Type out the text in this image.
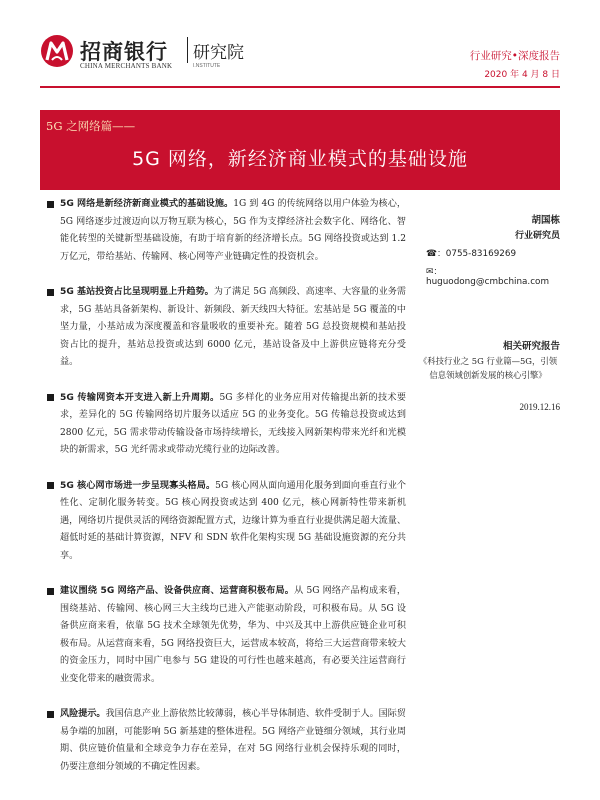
招商银行 研究院
CHINA MERCHANTS BANK	I.NSTITUTE
行业研究•深度报告
2020 年 4 月 8 日
5G 之网络篇——
5G 网络，新经济商业模式的基础设施
5G 网络是新经济新商业模式的基础设施。1G 到 4G 的传统网络以用户体验为核心，5G 网络逐步过渡迈向以万物互联为核心，5G 作为支撑经济社会数字化、网络化、智能化转型的关键新型基础设施，有助于培育新的经济增长点。5G 网络投资或达到 1.2 万亿元，带给基站、传输网、核心网等产业链确定性的投资机会。
5G 基站投资占比呈现明显上升趋势。为了满足 5G 高频段、高速率、大容量的业务需求，5G 基站具备新架构、新设计、新频段、新天线四大特征。宏基站是 5G 覆盖的中坚力量，小基站成为深度覆盖和容量吸收的重要补充。随着 5G 总投资规模和基站投资占比的提升，基站总投资或达到 6000 亿元，基站设备及中上游供应链将充分受益。
5G 传输网资本开支进入新上升周期。5G 多样化的业务应用对传输提出新的技术要求，差异化的 5G 传输网络切片服务以适应 5G 的业务变化。5G 传输总投资或达到 2800 亿元，5G 需求带动传输设备市场持续增长，无线接入网新架构带来光纤和光模块的新需求，5G 光纤需求或带动光缆行业的边际改善。
5G 核心网市场进一步呈现寡头格局。5G 核心网从面向通用化服务到面向垂直行业个性化、定制化服务转变。5G 核心网投资或达到 400 亿元，核心网新特性带来新机遇，网络切片提供灵活的网络资源配置方式，边缘计算为垂直行业提供满足超大流量、超低时延的基础计算资源，NFV 和 SDN 软件化架构实现 5G 基础设施资源的充分共享。
建议围绕 5G 网络产品、设备供应商、运营商积极布局。从 5G 网络产品构成来看，围绕基站、传输网、核心网三大主线均已进入产能驱动阶段，可积极布局。从 5G 设备供应商来看，依靠 5G 技术全球领先优势，华为、中兴及其中上游供应链企业可积极布局。从运营商来看，5G 网络投资巨大，运营成本较高，将给三大运营商带来较大的资金压力，同时中国广电参与 5G 建设的可行性也越来越高，有必要关注运营商行业变化带来的融资需求。
风险提示。我国信息产业上游依然比较薄弱，核心半导体制造、软件受制于人。国际贸易争端的加剧，可能影响 5G 新基建的整体进程。5G 网络产业链细分领域，其行业周期、供应链价值量和全球竞争力存在差异，在对 5G 网络行业机会保持乐观的同时，仍要注意细分领域的不确定性因素。
胡国栋
行业研究员
☎：0755-83169269
✉：huguodong@cmbchina.com
相关研究报告
《科技行业之 5G 行业篇—5G，引领信息领域创新发展的核心引擎》
2019.12.16
